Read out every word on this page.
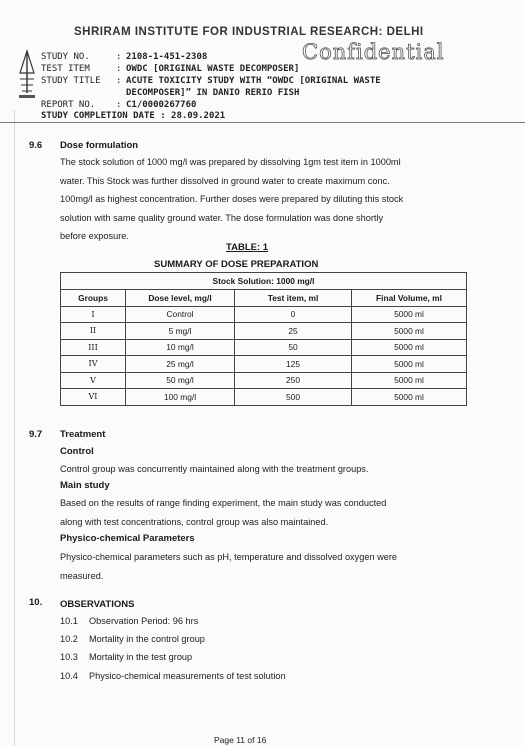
SHRIRAM INSTITUTE FOR INDUSTRIAL RESEARCH: DELHI
Confidential
STUDY NO.	: 2108-1-451-2308
TEST ITEM	: OWDC [ORIGINAL WASTE DECOMPOSER]
STUDY TITLE : ACUTE TOXICITY STUDY WITH “OWDC [ORIGINAL WASTE
DECOMPOSER]” IN DANIO RERIO FISH
REPORT NO. : C1/0000267760
STUDY COMPLETION DATE : 28.09.2021
9.6 Dose formulation
The stock solution of 1000 mg/l was prepared by dissolving 1gm test item in 1000ml
water. This Stock was further dissolved in ground water to create maximum conc.
100mg/l as highest concentration. Further doses were prepared by diluting this stock
solution with same quality ground water. The dose formulation was done shortly
before exposure.
TABLE: 1
SUMMARY OF DOSE PREPARATION
Stock Solution: 1000 mg/l			
Groups	Dose level, mg/l	Test item, ml	Final Volume, ml
I	Control	0	5000 ml
II	5 mg/l	25	5000 ml
III	10 mg/l	50	5000 ml
IV	25 mg/l	125	5000 ml
V	50 mg/l	250	5000 ml
VI	100 mg/l	500	5000 ml
9.7 Treatment
Control
Control group was concurrently maintained along with the treatment groups.
Main study
Based on the results of range finding experiment, the main study was conducted
along with test concentrations, control group was also maintained.
Physico-chemical Parameters
Physico-chemical parameters such as pH, temperature and dissolved oxygen were
measured.
10. OBSERVATIONS
10.1 Observation Period: 96 hrs
10.2 Mortality in the control group
10.3 Mortality in the test group
10.4 Physico-chemical measurements of test solution
Page 11 of 16
